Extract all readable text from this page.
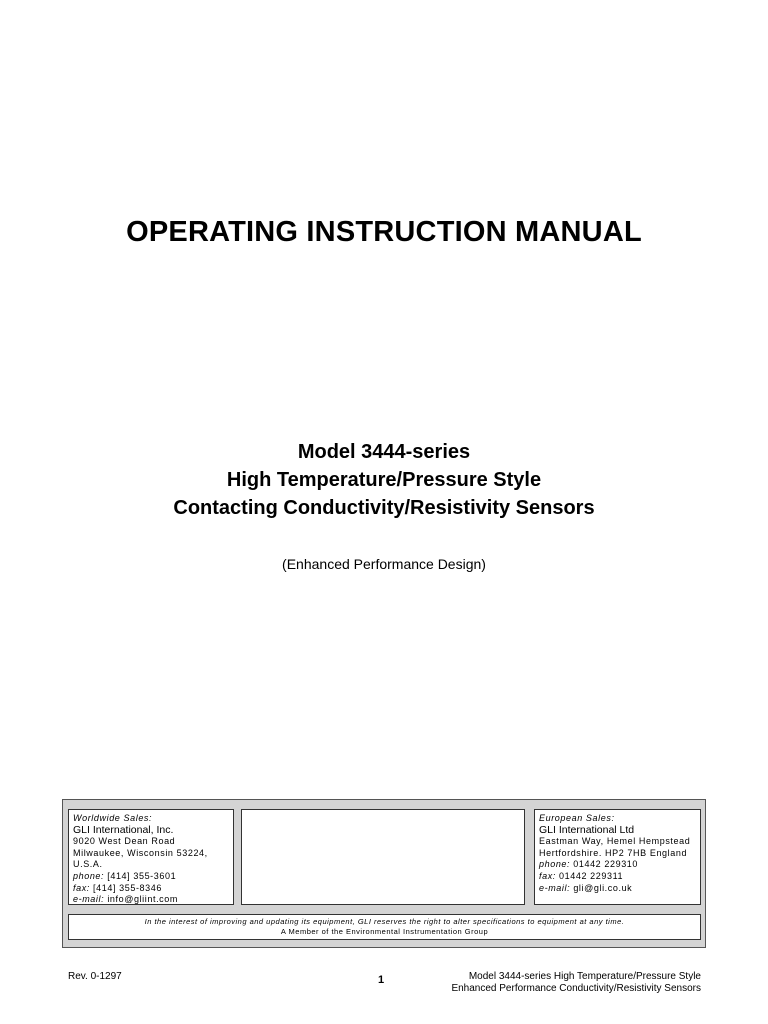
OPERATING INSTRUCTION MANUAL
Model 3444-series
High Temperature/Pressure Style
Contacting Conductivity/Resistivity Sensors
(Enhanced Performance Design)
Worldwide Sales:
GLI International, Inc.
9020 West Dean Road
Milwaukee, Wisconsin 53224, U.S.A.
phone: [414] 355-3601
fax: [414] 355-8346
e-mail: info@gliint.com
European Sales:
GLI International Ltd
Eastman Way, Hemel Hempstead
Hertfordshire. HP2 7HB England
phone: 01442 229310
fax: 01442 229311
e-mail: gli@gli.co.uk
In the interest of improving and updating its equipment, GLI reserves the right to alter specifications to equipment at any time.
A Member of the Environmental Instrumentation Group
Rev. 0-1297	1	Model 3444-series High Temperature/Pressure Style
Enhanced Performance Conductivity/Resistivity Sensors
